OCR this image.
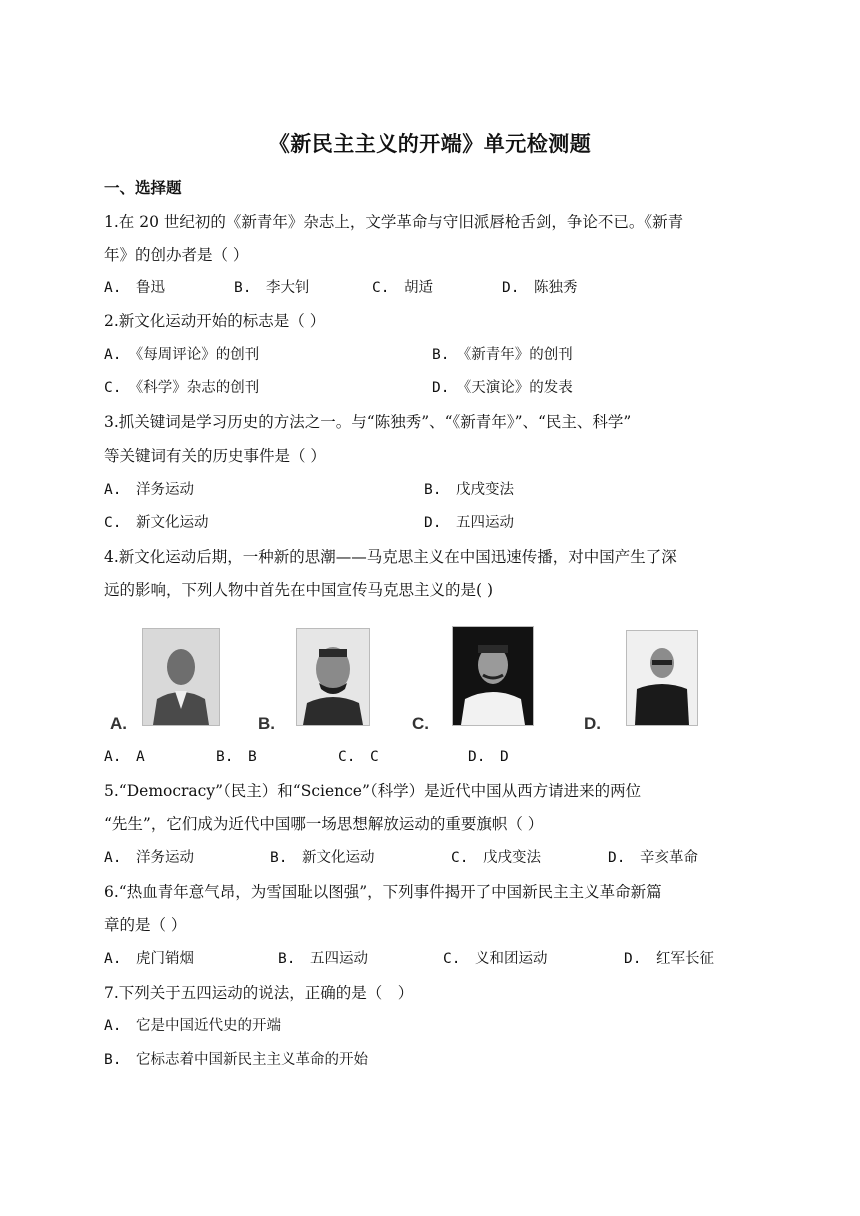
《新民主主义的开端》单元检测题
一、选择题
1.在 20 世纪初的《新青年》杂志上，文学革命与守旧派唇枪舌剑，争论不已。《新青
年》的创办者是（ ）
A.　鲁迅	B.　李大钊	C.　胡适	D.　陈独秀
2.新文化运动开始的标志是（ ）
A.　《每周评论》的创刊	B.　《新青年》的创刊
C.　《科学》杂志的创刊	D.　《天演论》的发表
3.抓关键词是学习历史的方法之一。与“陈独秀”、“《新青年》”、“民主、科学”
等关键词有关的历史事件是（ ）
A.　洋务运动	B.　戊戌变法
C.　新文化运动	D.　五四运动
4.新文化运动后期，一种新的思潮——马克思主义在中国迅速传播，对中国产生了深
远的影响，下列人物中首先在中国宣传马克思主义的是( )
A.	B.	C.	D.
A.　A	B.　B	C.　C	D.　D
5.“Democracy”（民主）和“Science”（科学）是近代中国从西方请进来的两位
“先生”，它们成为近代中国哪一场思想解放运动的重要旗帜（ ）
A.　洋务运动	B.　新文化运动	C.　戊戌变法	D.　辛亥革命
6.“热血青年意气昂，为雪国耻以图强”，下列事件揭开了中国新民主主义革命新篇
章的是（ ）
A.　虎门销烟	B.　五四运动	C.　义和团运动	D.　红军长征
7.下列关于五四运动的说法，正确的是（　）
A.　它是中国近代史的开端
B.　它标志着中国新民主主义革命的开始
